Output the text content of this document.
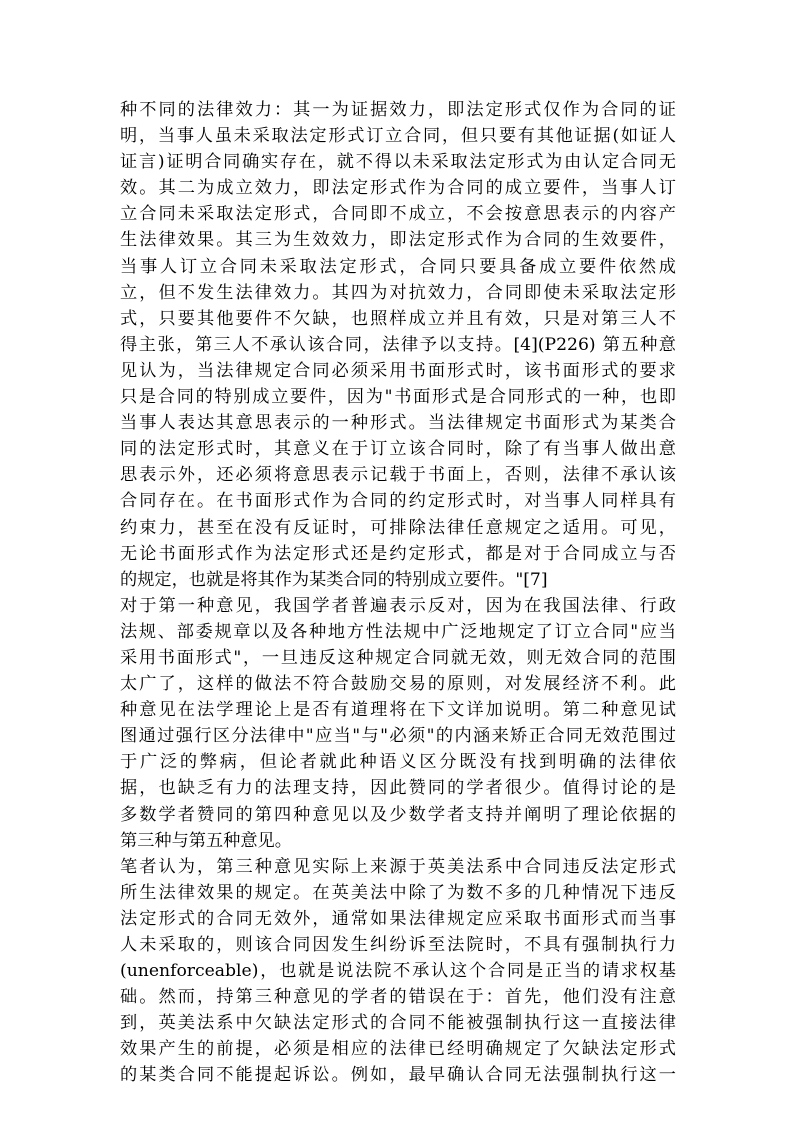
种不同的法律效力：其一为证据效力，即法定形式仅作为合同的证
明，当事人虽未采取法定形式订立合同，但只要有其他证据(如证人
证言)证明合同确实存在，就不得以未采取法定形式为由认定合同无
效。其二为成立效力，即法定形式作为合同的成立要件，当事人订
立合同未采取法定形式，合同即不成立，不会按意思表示的内容产
生法律效果。其三为生效效力，即法定形式作为合同的生效要件，
当事人订立合同未采取法定形式，合同只要具备成立要件依然成
立，但不发生法律效力。其四为对抗效力，合同即使未采取法定形
式，只要其他要件不欠缺，也照样成立并且有效，只是对第三人不
得主张，第三人不承认该合同，法律予以支持。[4](P226) 第五种意
见认为，当法律规定合同必须采用书面形式时，该书面形式的要求
只是合同的特别成立要件，因为"书面形式是合同形式的一种，也即
当事人表达其意思表示的一种形式。当法律规定书面形式为某类合
同的法定形式时，其意义在于订立该合同时，除了有当事人做出意
思表示外，还必须将意思表示记载于书面上，否则，法律不承认该
合同存在。在书面形式作为合同的约定形式时，对当事人同样具有
约束力，甚至在没有反证时，可排除法律任意规定之适用。可见，
无论书面形式作为法定形式还是约定形式，都是对于合同成立与否
的规定，也就是将其作为某类合同的特别成立要件。"[7]
对于第一种意见，我国学者普遍表示反对，因为在我国法律、行政
法规、部委规章以及各种地方性法规中广泛地规定了订立合同"应当
采用书面形式"，一旦违反这种规定合同就无效，则无效合同的范围
太广了，这样的做法不符合鼓励交易的原则，对发展经济不利。此
种意见在法学理论上是否有道理将在下文详加说明。第二种意见试
图通过强行区分法律中"应当"与"必须"的内涵来矫正合同无效范围过
于广泛的弊病，但论者就此种语义区分既没有找到明确的法律依
据，也缺乏有力的法理支持，因此赞同的学者很少。值得讨论的是
多数学者赞同的第四种意见以及少数学者支持并阐明了理论依据的
第三种与第五种意见。
笔者认为，第三种意见实际上来源于英美法系中合同违反法定形式
所生法律效果的规定。在英美法中除了为数不多的几种情况下违反
法定形式的合同无效外，通常如果法律规定应采取书面形式而当事
人未采取的，则该合同因发生纠纷诉至法院时，不具有强制执行力
(unenforceable)，也就是说法院不承认这个合同是正当的请求权基
础。然而，持第三种意见的学者的错误在于：首先，他们没有注意
到，英美法系中欠缺法定形式的合同不能被强制执行这一直接法律
效果产生的前提，必须是相应的法律已经明确规定了欠缺法定形式
的某类合同不能提起诉讼。例如，最早确认合同无法强制执行这一
